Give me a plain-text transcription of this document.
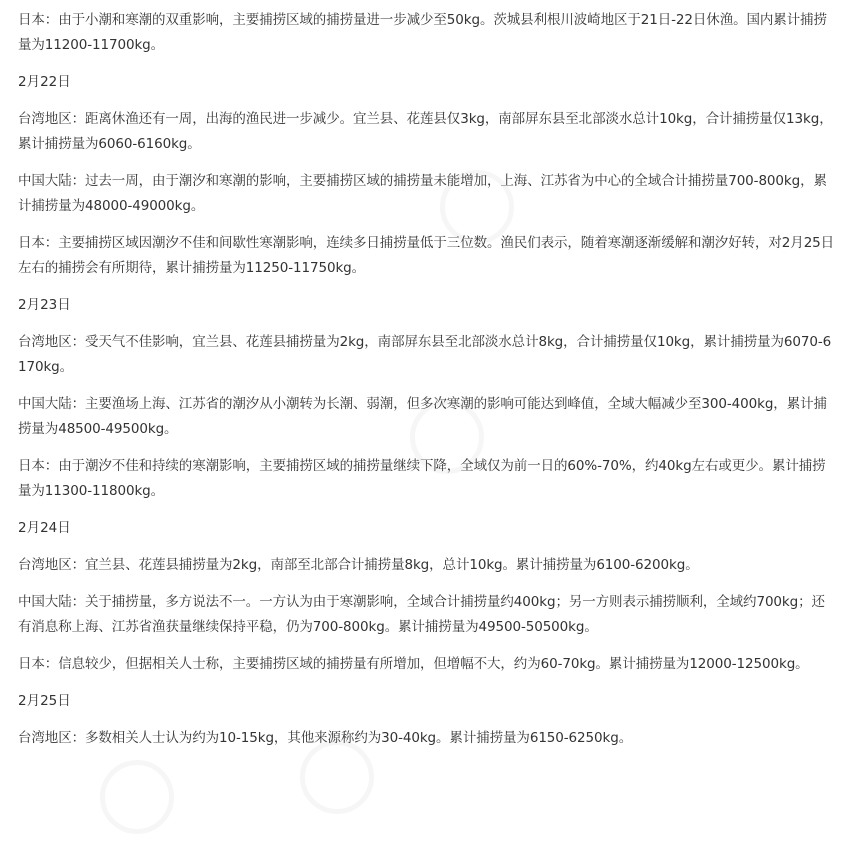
日本：由于小潮和寒潮的双重影响，主要捕捞区域的捕捞量进一步减少至50kg。茨城县利根川波崎地区于21日-22日休渔。国内累计捕捞量为11200-11700kg。

2月22日

台湾地区：距离休渔还有一周，出海的渔民进一步减少。宜兰县、花莲县仅3kg，南部屏东县至北部淡水总计10kg，合计捕捞量仅13kg，累计捕捞量为6060-6160kg。

中国大陆：过去一周，由于潮汐和寒潮的影响，主要捕捞区域的捕捞量未能增加，上海、江苏省为中心的全域合计捕捞量700-800kg，累计捕捞量为48000-49000kg。

日本：主要捕捞区域因潮汐不佳和间歇性寒潮影响，连续多日捕捞量低于三位数。渔民们表示，随着寒潮逐渐缓解和潮汐好转，对2月25日左右的捕捞会有所期待，累计捕捞量为11250-11750kg。

2月23日

台湾地区：受天气不佳影响，宜兰县、花莲县捕捞量为2kg，南部屏东县至北部淡水总计8kg，合计捕捞量仅10kg，累计捕捞量为6070-6170kg。

中国大陆：主要渔场上海、江苏省的潮汐从小潮转为长潮、弱潮，但多次寒潮的影响可能达到峰值，全域大幅减少至300-400kg，累计捕捞量为48500-49500kg。

日本：由于潮汐不佳和持续的寒潮影响，主要捕捞区域的捕捞量继续下降，全域仅为前一日的60%-70%，约40kg左右或更少。累计捕捞量为11300-11800kg。

2月24日

台湾地区：宜兰县、花莲县捕捞量为2kg，南部至北部合计捕捞量8kg，总计10kg。累计捕捞量为6100-6200kg。

中国大陆：关于捕捞量，多方说法不一。一方认为由于寒潮影响，全域合计捕捞量约400kg；另一方则表示捕捞顺利，全域约700kg；还有消息称上海、江苏省渔获量继续保持平稳，仍为700-800kg。累计捕捞量为49500-50500kg。

日本：信息较少，但据相关人士称，主要捕捞区域的捕捞量有所增加，但增幅不大，约为60-70kg。累计捕捞量为12000-12500kg。

2月25日

台湾地区：多数相关人士认为约为10-15kg，其他来源称约为30-40kg。累计捕捞量为6150-6250kg。
